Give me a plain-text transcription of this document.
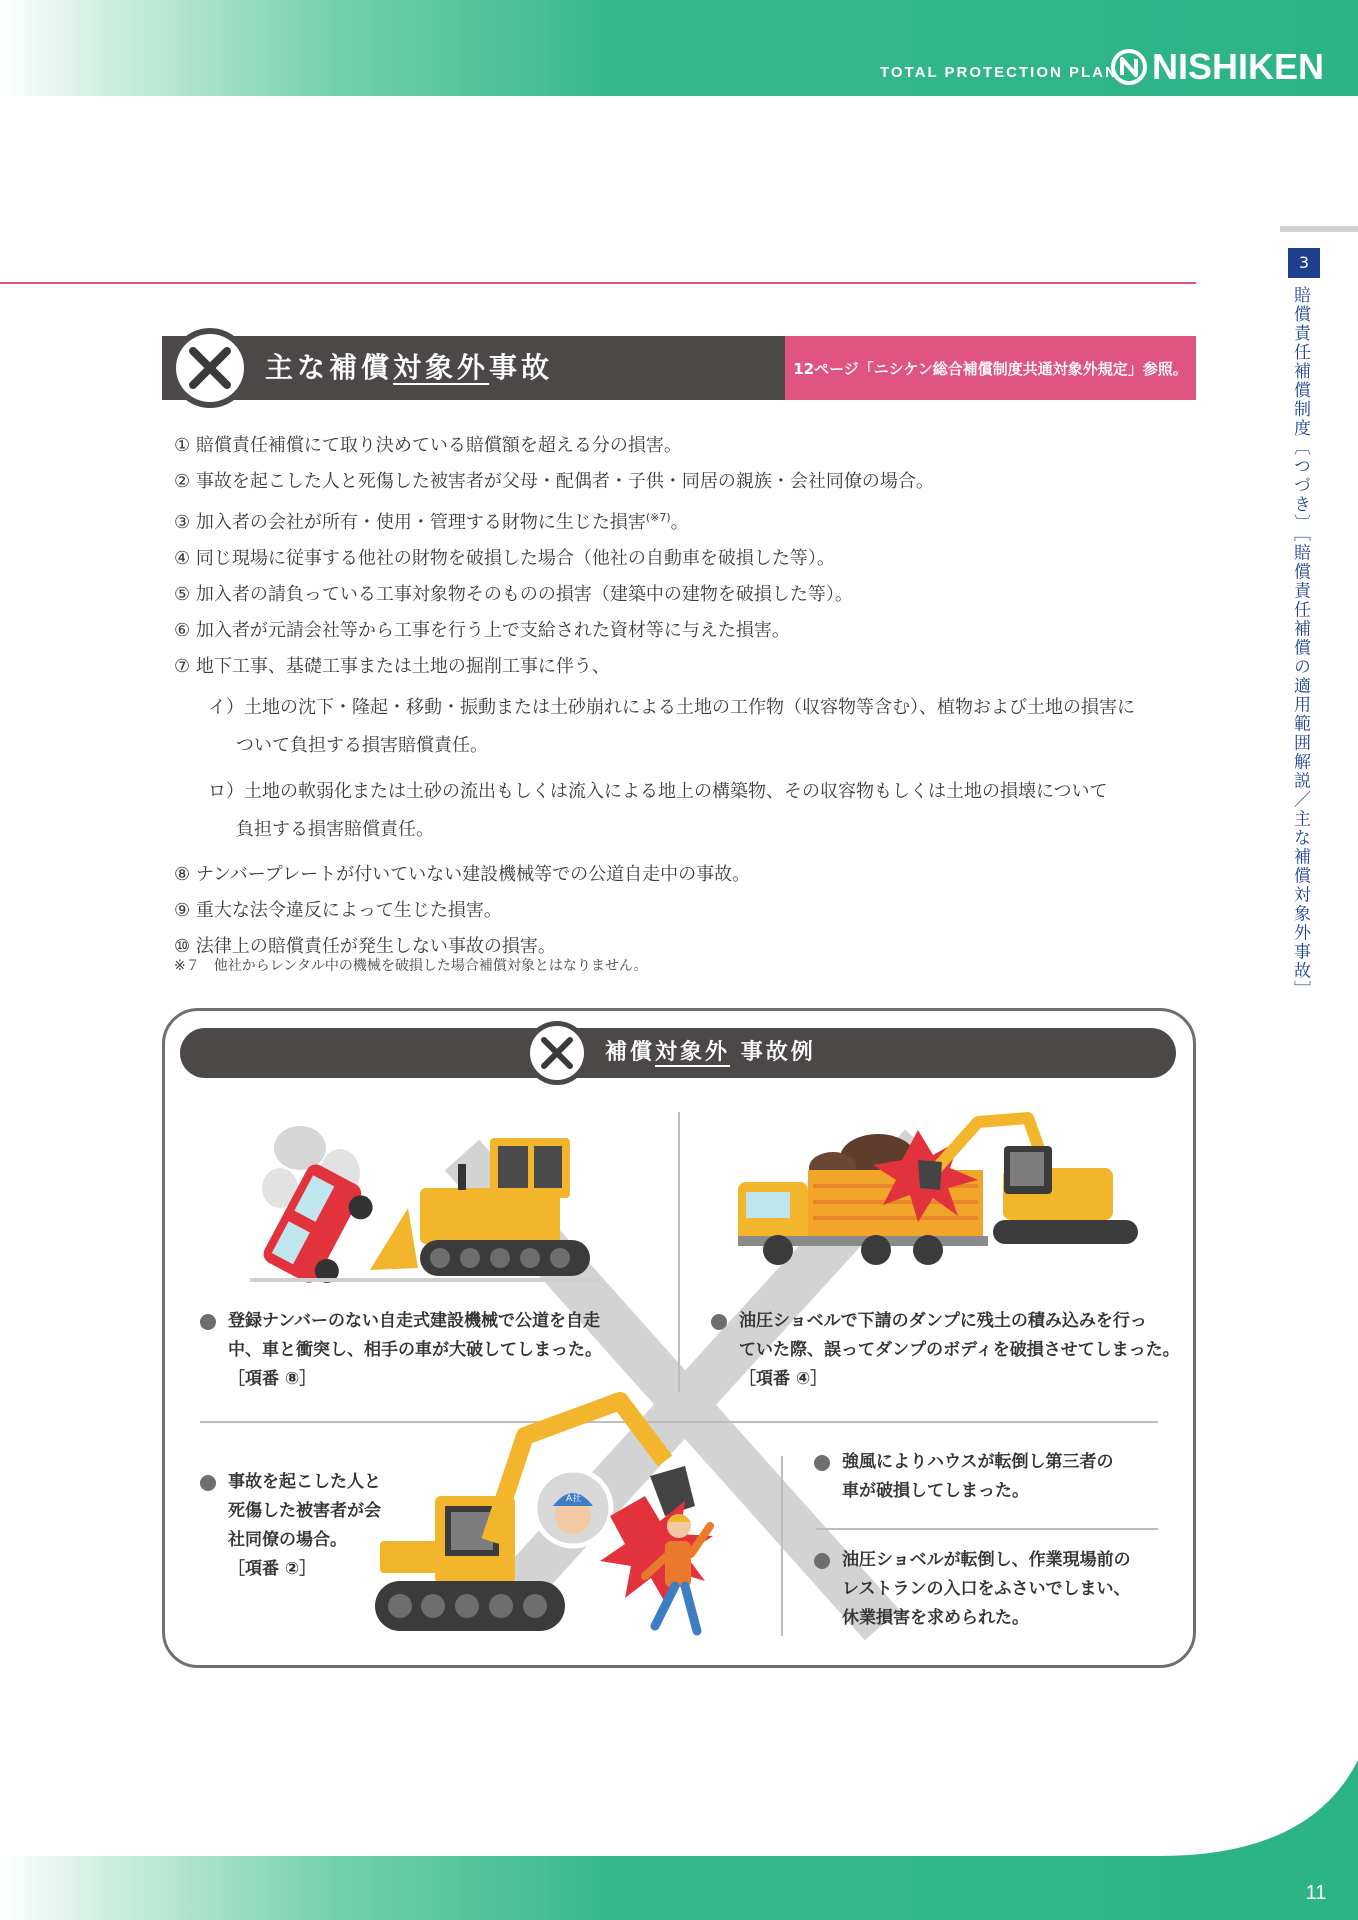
TOTAL PROTECTION PLAN NISHIKEN
3
賠償責任補償制度〔つづき〕［賠償責任補償の適用範囲解説／主な補償対象外事故］
主な補償対象外事故	12ページ「ニシケン総合補償制度共通対象外規定」参照。
① 賠償責任補償にて取り決めている賠償額を超える分の損害。
② 事故を起こした人と死傷した被害者が父母・配偶者・子供・同居の親族・会社同僚の場合。
③ 加入者の会社が所有・使用・管理する財物に生じた損害$^{(※7)}$。
④ 同じ現場に従事する他社の財物を破損した場合（他社の自動車を破損した等）。
⑤ 加入者の請負っている工事対象物そのものの損害（建築中の建物を破損した等）。
⑥ 加入者が元請会社等から工事を行う上で支給された資材等に与えた損害。
⑦ 地下工事、基礎工事または土地の掘削工事に伴う、
イ）土地の沈下・隆起・移動・振動または土砂崩れによる土地の工作物（収容物等含む）、植物および土地の損害に
ついて負担する損害賠償責任。
ロ）土地の軟弱化または土砂の流出もしくは流入による地上の構築物、その収容物もしくは土地の損壊について
負担する損害賠償責任。
⑧ ナンバープレートが付いていない建設機械等での公道自走中の事故。
⑨ 重大な法令違反によって生じた損害。
⑩ 法律上の賠償責任が発生しない事故の損害。
※７　他社からレンタル中の機械を破損した場合補償対象とはなりません。
補償対象外 事故例
A社
登録ナンバーのない自走式建設機械で公道を自走
中、車と衝突し、相手の車が大破してしまった。
［項番 ⑧］
油圧ショベルで下請のダンプに残土の積み込みを行っ
ていた際、誤ってダンプのボディを破損させてしまった。
［項番 ④］
事故を起こした人と
死傷した被害者が会
社同僚の場合。
［項番 ②］
強風によりハウスが転倒し第三者の
車が破損してしまった。
油圧ショベルが転倒し、作業現場前の
レストランの入口をふさいでしまい、
休業損害を求められた。
11
